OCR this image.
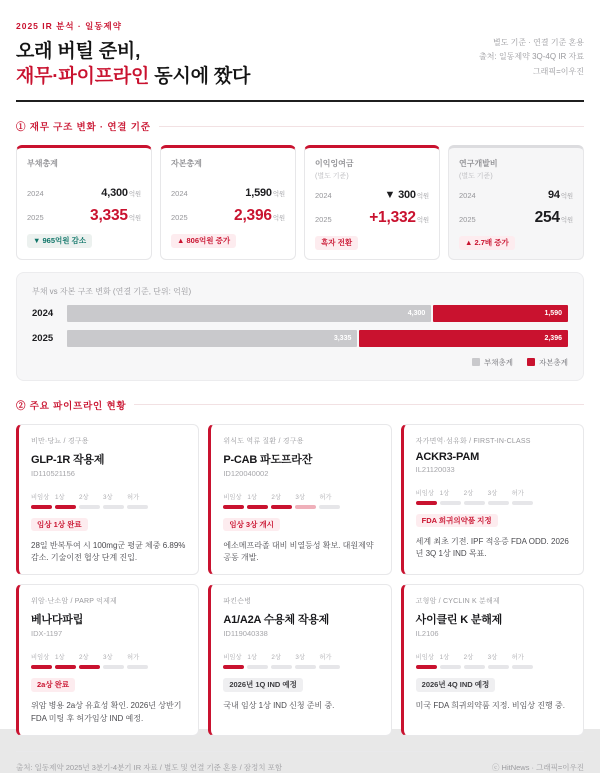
2025 IR 분석 · 일동제약
오래 버틸 준비,
재무·파이프라인 동시에 짰다
별도 기준 · 연결 기준 혼용
출처: 일동제약 3Q-4Q IR 자료
그래픽=이우진
① 재무 구조 변화 · 연결 기준
부채총계
2024	4,300억원
2025	3,335억원
▼ 965억원 감소
자본총계
2024	1,590억원
2025	2,396억원
▲ 806억원 증가
이익잉여금
(별도 기준)
2024	▼ 300억원
2025 +1,332억원
흑자 전환
연구개발비
(별도 기준)
2024	94억원
2025	254억원
▲ 2.7배 증가
부채 vs 자본 구조 변화 (연결 기준, 단위: 억원)
2024	4,300	1,590
2025	3,335	2,396
부채총계	자본총계
② 주요 파이프라인 현황
비만·당뇨 / 경구용
GLP-1R 작용제
ID110521156
비임상 1상	2상	3상	허가
임상 1상 완료
28일 반복투여 시 100mg군 평균 체중 6.89% 감소. 기술이전 협상 단계 진입.
위식도 역류 질환 / 경구용
P-CAB 파도프라잔
ID120040002
비임상 1상	2상	3상	허가
임상 3상 개시
에소메프라졸 대비 비열등성 확보. 대원제약 공동 개발.
자가면역·섬유화 / FIRST-IN-CLASS
ACKR3-PAM
IL21120033
비임상 1상	2상	3상	허가
FDA 희귀의약품 지정
세계 최초 기전. IPF 적응증 FDA ODD. 2026년 3Q 1상 IND 목표.
위암·난소암 / PARP 억제제
베나다파립
IDX-1197
비임상 1상	2상	3상	허가
2a상 완료
위암 병용 2a상 유효성 확인. 2026년 상반기 FDA 미팅 후 허가임상 IND 예정.
파킨슨병
A1/A2A 수용체 작용제
ID119040338
비임상 1상	2상	3상	허가
2026년 1Q IND 예정
국내 임상 1상 IND 신청 준비 중.
고형암 / CYCLIN K 분해제
사이클린 K 분해제
IL2106
비임상 1상	2상	3상	허가
2026년 4Q IND 예정
미국 FDA 희귀의약품 지정. 비임상 진행 중.
출처: 일동제약 2025년 3분기-4분기 IR 자료 / 별도 및 연결 기준 혼용 / 잠정치 포함	ⓒ HitNews · 그래픽=이우진
